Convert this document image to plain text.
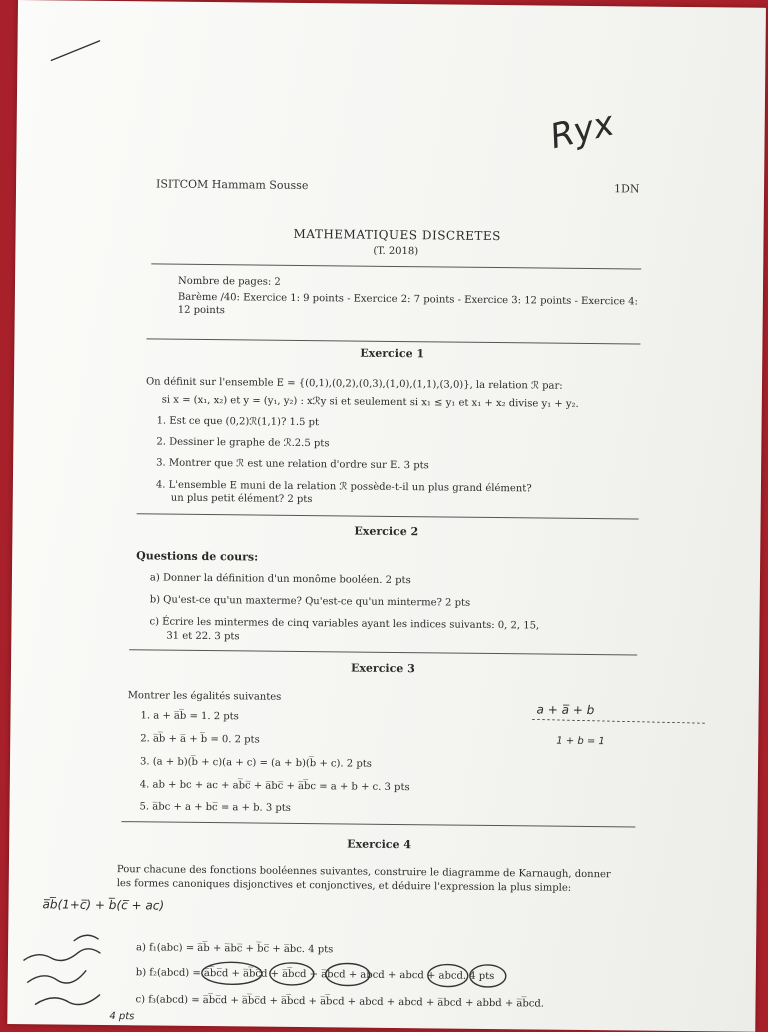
Ryx
ISITCOM Hammam Sousse	1DN
MATHEMATIQUES DISCRETES
(T. 2018)
Nombre de pages: 2
Barème /40: Exercice 1: 9 points - Exercice 2: 7 points - Exercice 3: 12 points - Exercice 4:
12 points
Exercice 1
On définit sur l'ensemble E = {(0,1),(0,2),(0,3),(1,0),(1,1),(3,0)}, la relation ℛ par:
si x = (x₁, x₂) et y = (y₁, y₂) : xℛy si et seulement si x₁ ≤ y₁ et x₁ + x₂ divise y₁ + y₂.
1. Est ce que (0,2)ℛ(1,1)? 1.5 pt
2. Dessiner le graphe de ℛ.2.5 pts
3. Montrer que ℛ est une relation d'ordre sur E. 3 pts
4. L'ensemble E muni de la relation ℛ possède-t-il un plus grand élément?
un plus petit élément? 2 pts
Exercice 2
Questions de cours:
a) Donner la définition d'un monôme booléen. 2 pts
b) Qu'est-ce qu'un maxterme? Qu'est-ce qu'un minterme? 2 pts
c) Écrire les mintermes de cinq variables ayant les indices suivants: 0, 2, 15,
31 et 22. 3 pts
Exercice 3
Montrer les égalités suivantes
1. a + a̅b̅ = 1. 2 pts
2. a̅b̅ + a̅ + b̅ = 0. 2 pts
3. (a + b)(b̅ + c)(a + c) = (a + b)(b̅ + c). 2 pts
4. ab + bc + ac + ab̅c̅ + a̅bc̅ + a̅b̅c = a + b + c. 3 pts
5. a̅bc + a + bc̅ = a + b. 3 pts
a + a̅ + b
1 + b = 1
Exercice 4
Pour chacune des fonctions booléennes suivantes, construire le diagramme de Karnaugh, donner
les formes canoniques disjonctives et conjonctives, et déduire l'expression la plus simple:
a̅b̅(1+c̅) + b̅(c̅ + ac)
a) f₁(abc) = a̅b̅ + a̅bc̅ + b̅c̅ + a̅bc. 4 pts
b) f₂(abcd) = a̅b̅c̅d + a̅b̅c̅d + a̅b̅cd + a̅bcd + abcd + abcd + abcd. 4 pts
c) f₃(abcd) = a̅b̅c̅d + a̅b̅c̅d + a̅b̅cd + a̅b̅cd + abcd + abcd + a̅bcd + abbd + a̅b̅cd.
4 pts
